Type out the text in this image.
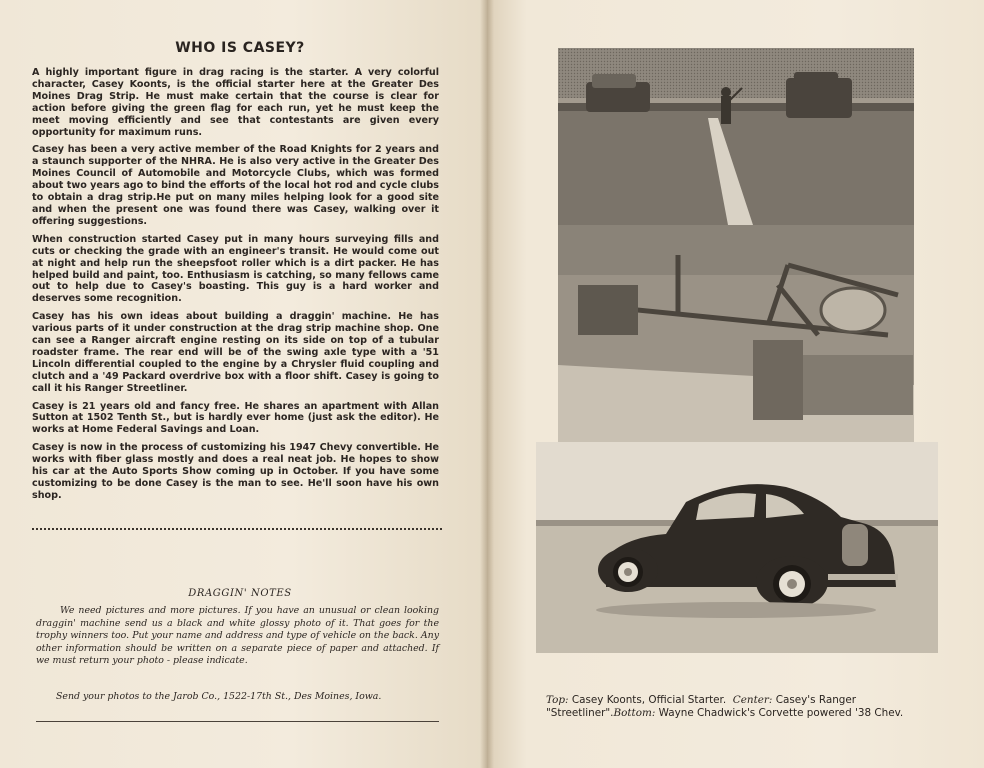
WHO IS CASEY?

A highly important figure in drag racing is the starter. A very colorful character, Casey Koonts, is the official starter here at the Greater Des Moines Drag Strip. He must make certain that the course is clear for action before giving the green flag for each run, yet he must keep the meet moving efficiently and see that contestants are given every opportunity for maximum runs.

Casey has been a very active member of the Road Knights for 2 years and a staunch supporter of the NHRA. He is also very active in the Greater Des Moines Council of Automobile and Motorcycle Clubs, which was formed about two years ago to bind the efforts of the local hot rod and cycle clubs to obtain a drag strip.He put on many miles helping look for a good site and when the present one was found there was Casey, walking over it offering suggestions.

When construction started Casey put in many hours surveying fills and cuts or checking the grade with an engineer's transit. He would come out at night and help run the sheepsfoot roller which is a dirt packer. He has helped build and paint, too. Enthusiasm is catching, so many fellows came out to help due to Casey's boasting. This guy is a hard worker and deserves some recognition.

Casey has his own ideas about building a draggin' machine. He has various parts of it under construction at the drag strip machine shop. One can see a Ranger aircraft engine resting on its side on top of a tubular roadster frame. The rear end will be of the swing axle type with a '51 Lincoln differential coupled to the engine by a Chrysler fluid coupling and clutch and a '49 Packard overdrive box with a floor shift. Casey is going to call it his Ranger Streetliner.

Casey is 21 years old and fancy free. He shares an apartment with Allan Sutton at 1502 Tenth St., but is hardly ever home (just ask the editor). He works at Home Federal Savings and Loan.

Casey is now in the process of customizing his 1947 Chevy convertible. He works with fiber glass mostly and does a real neat job. He hopes to show his car at the Auto Sports Show coming up in October. If you have some customizing to be done Casey is the man to see. He'll soon have his own shop.

DRAGGIN' NOTES

We need pictures and more pictures. If you have an unusual or clean looking draggin' machine send us a black and white glossy photo of it. That goes for the trophy winners too. Put your name and address and type of vehicle on the back. Any other information should be written on a separate piece of paper and attached. If we must return your photo - please indicate.

Send your photos to the Jarob Co., 1522-17th St., Des Moines, Iowa.	Top: Casey Koonts, Official Starter. Center: Casey's Ranger
"Streetliner".Bottom: Wayne Chadwick's Corvette powered '38 Chev.
